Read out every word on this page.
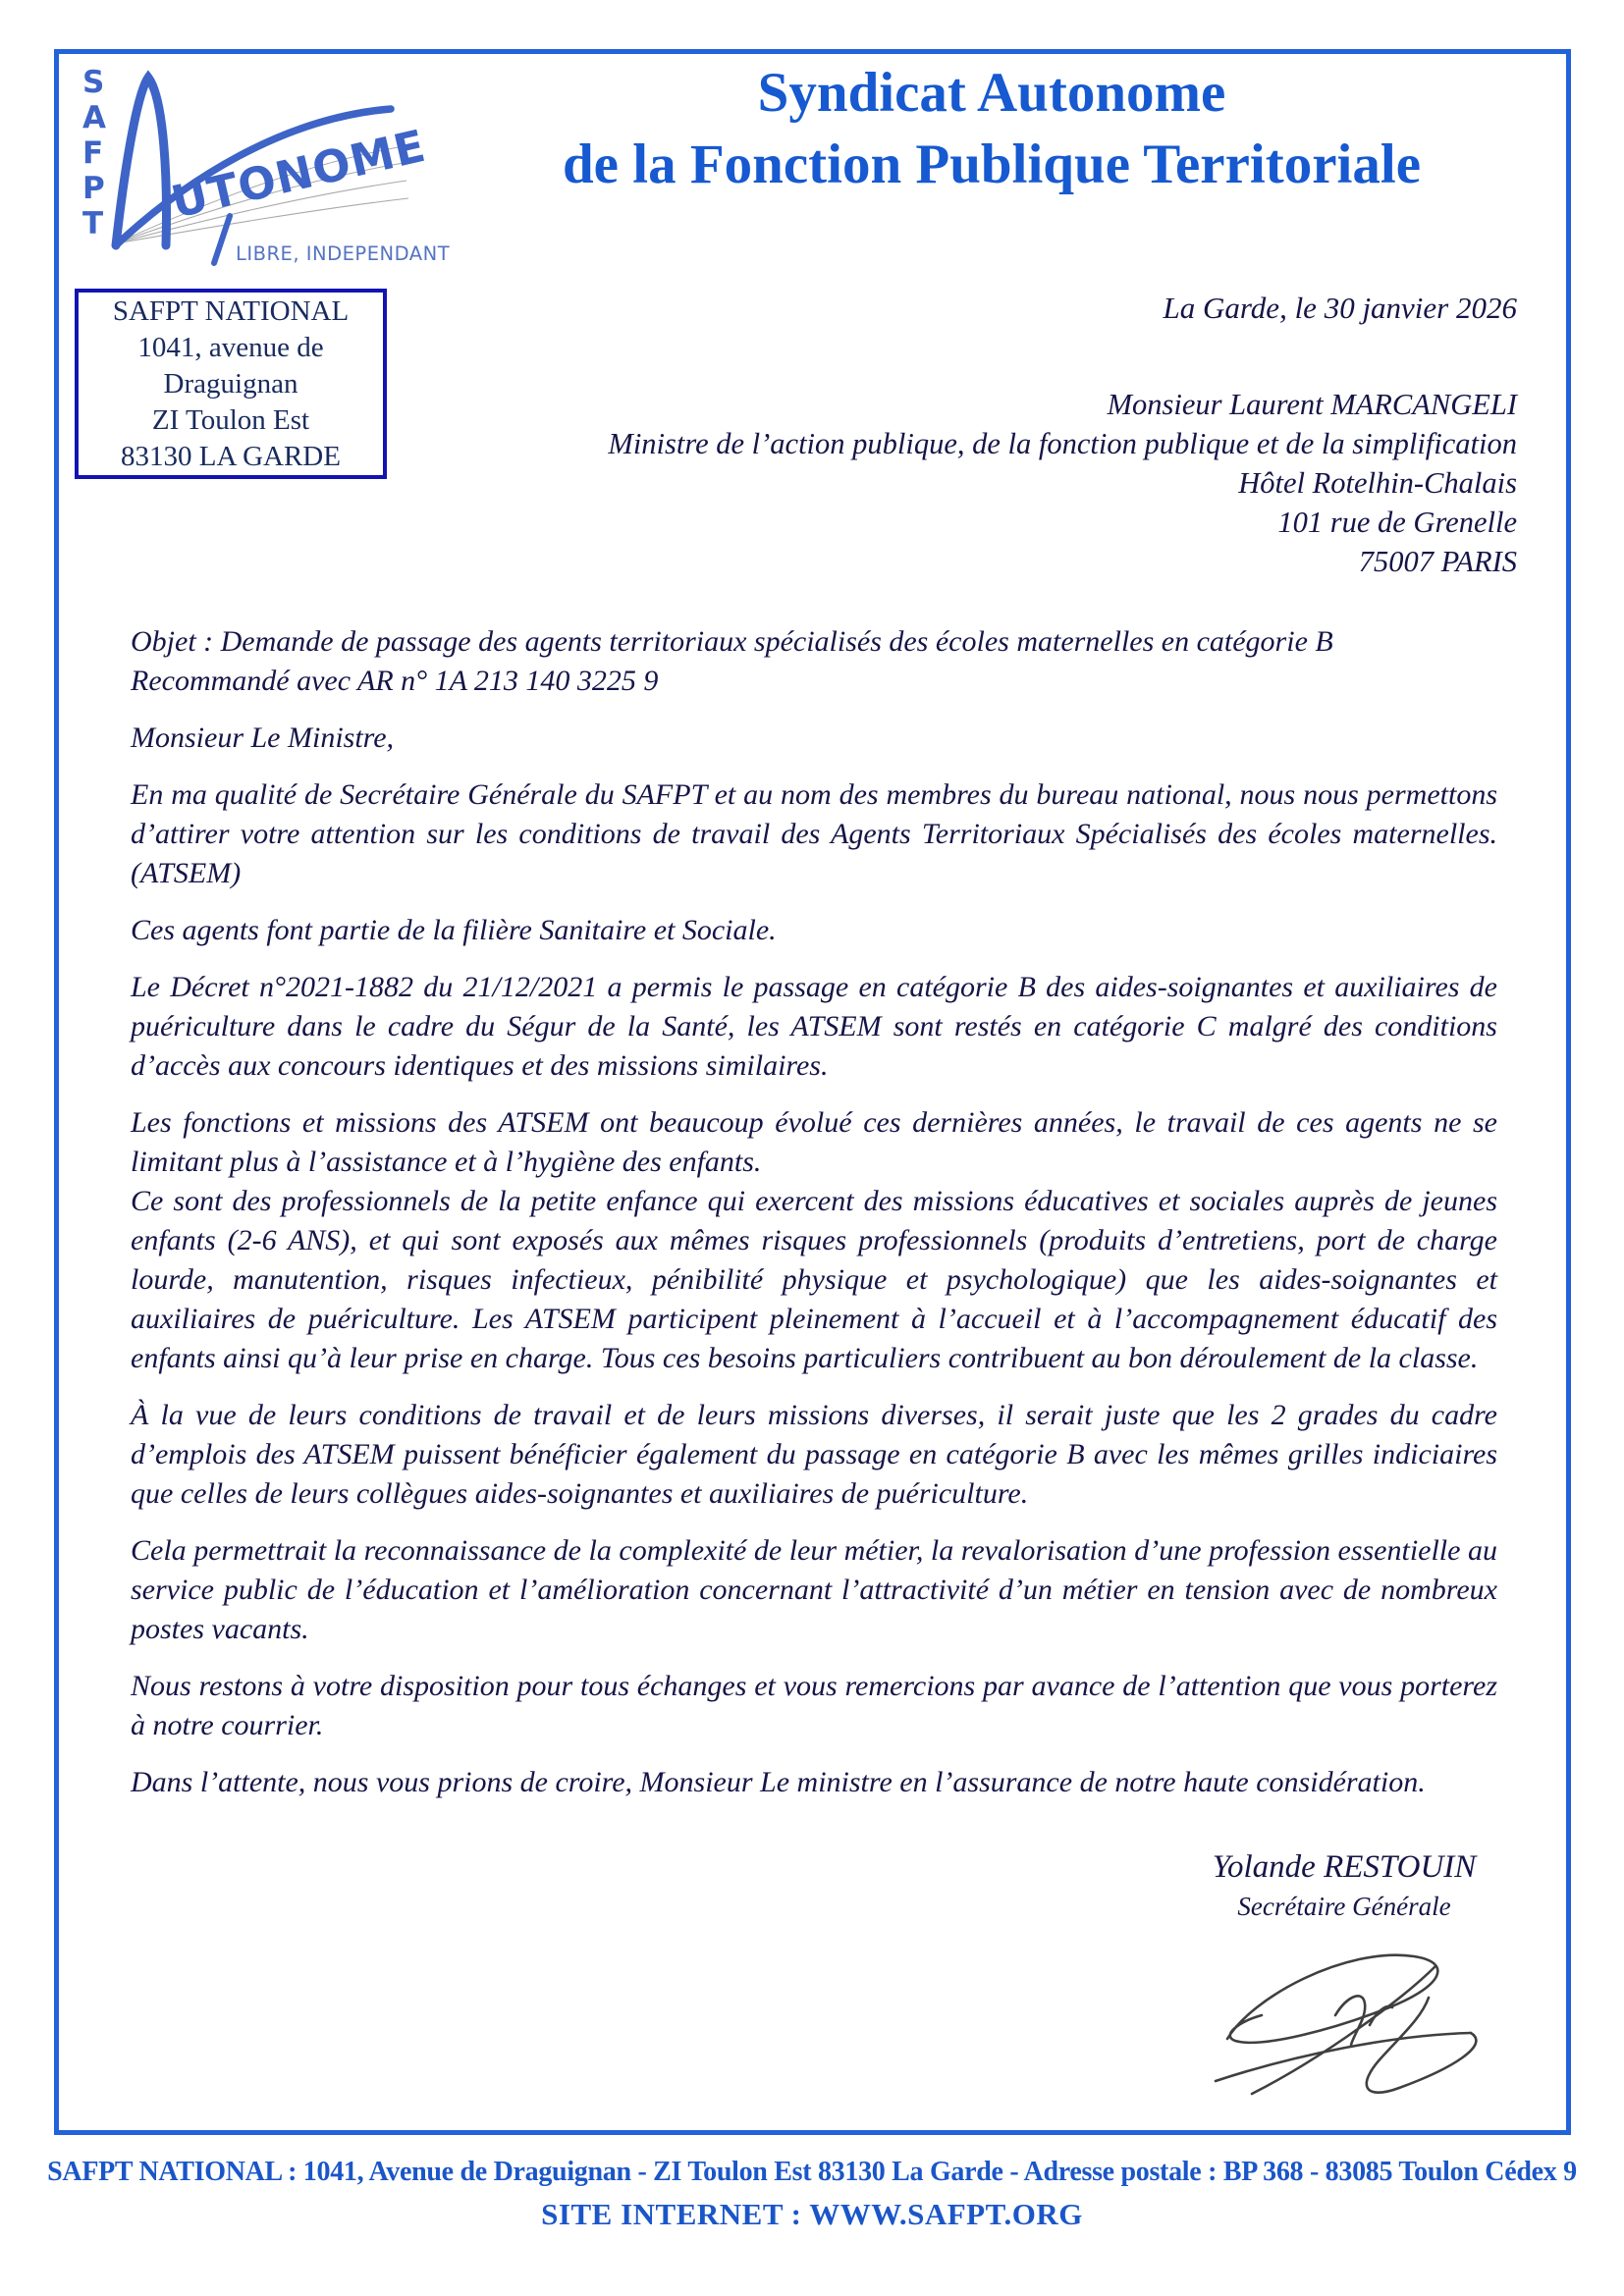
S
A
F
P
T UTONOME
LIBRE, INDEPENDANT
Syndicat Autonome
de la Fonction Publique Territoriale
SAFPT NATIONAL
1041, avenue de
Draguignan
ZI Toulon Est
83130 LA GARDE
La Garde, le 30 janvier 2026
Monsieur Laurent MARCANGELI
Ministre de l’action publique, de la fonction publique et de la simplification
Hôtel Rotelhin-Chalais
101 rue de Grenelle
75007 PARIS

Objet : Demande de passage des agents territoriaux spécialisés des écoles maternelles en catégorie B
Recommandé avec AR n° 1A 213 140 3225 9

Monsieur Le Ministre,

En ma qualité de Secrétaire Générale du SAFPT et au nom des membres du bureau national, nous nous permettons d’attirer votre attention sur les conditions de travail des Agents Territoriaux Spécialisés des écoles maternelles. (ATSEM)

Ces agents font partie de la filière Sanitaire et Sociale.

Le Décret n°2021-1882 du 21/12/2021 a permis le passage en catégorie B des aides-soignantes et auxiliaires de puériculture dans le cadre du Ségur de la Santé, les ATSEM sont restés en catégorie C malgré des conditions d’accès aux concours identiques et des missions similaires.

Les fonctions et missions des ATSEM ont beaucoup évolué ces dernières années, le travail de ces agents ne se limitant plus à l’assistance et à l’hygiène des enfants.

Ce sont des professionnels de la petite enfance qui exercent des missions éducatives et sociales auprès de jeunes enfants (2-6 ANS), et qui sont exposés aux mêmes risques professionnels (produits d’entretiens, port de charge lourde, manutention, risques infectieux, pénibilité physique et psychologique) que les aides-soignantes et auxiliaires de puériculture. Les ATSEM participent pleinement à l’accueil et à l’accompagnement éducatif des enfants ainsi qu’à leur prise en charge. Tous ces besoins particuliers contribuent au bon déroulement de la classe.

À la vue de leurs conditions de travail et de leurs missions diverses, il serait juste que les 2 grades du cadre d’emplois des ATSEM puissent bénéficier également du passage en catégorie B avec les mêmes grilles indiciaires que celles de leurs collègues aides-soignantes et auxiliaires de puériculture.

Cela permettrait la reconnaissance de la complexité de leur métier, la revalorisation d’une profession essentielle au service public de l’éducation et l’amélioration concernant l’attractivité d’un métier en tension avec de nombreux postes vacants.

Nous restons à votre disposition pour tous échanges et vous remercions par avance de l’attention que vous porterez à notre courrier.

Dans l’attente, nous vous prions de croire, Monsieur Le ministre en l’assurance de notre haute considération.

Yolande RESTOUIN
Secrétaire Générale
SAFPT NATIONAL : 1041, Avenue de Draguignan - ZI Toulon Est 83130 La Garde - Adresse postale : BP 368 - 83085 Toulon Cédex 9
SITE INTERNET : WWW.SAFPT.ORG
